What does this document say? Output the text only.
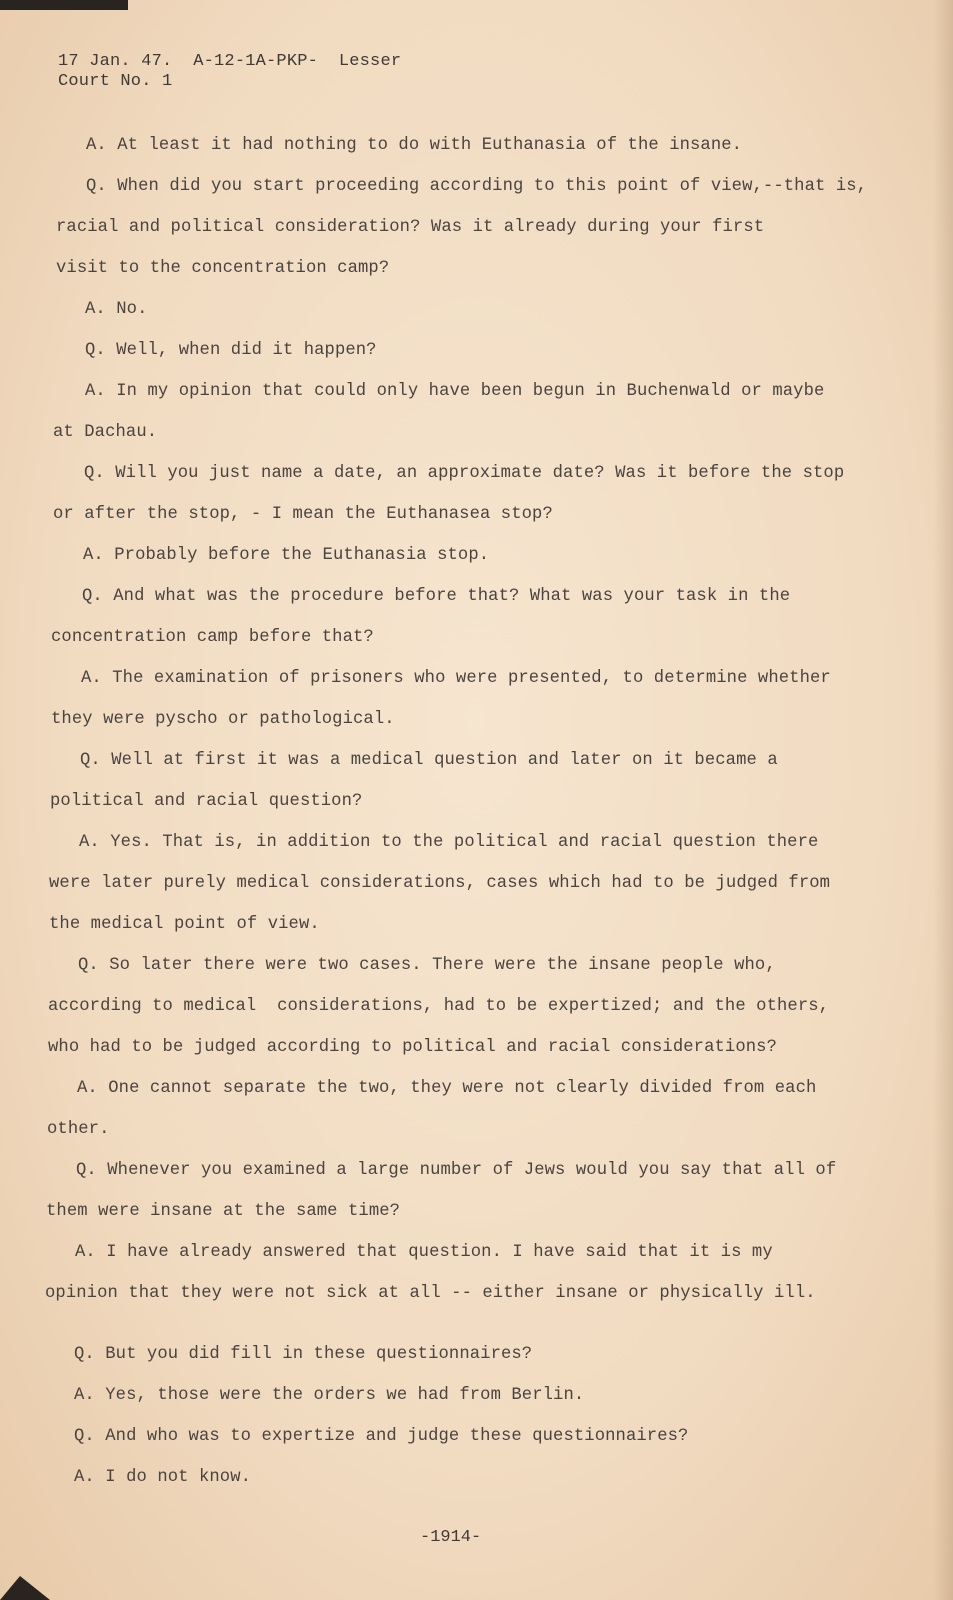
17 Jan. 47.  A-12-1A-PKP-  Lesser
Court No. 1
A. At least it had nothing to do with Euthanasia of the insane.
Q. When did you start proceeding according to this point of view,--that is,
racial and political consideration? Was it already during your first
visit to the concentration camp?
A. No.
Q. Well, when did it happen?
A. In my opinion that could only have been begun in Buchenwald or maybe
at Dachau.
Q. Will you just name a date, an approximate date? Was it before the stop
or after the stop, - I mean the Euthanasea stop?
A. Probably before the Euthanasia stop.
Q. And what was the procedure before that? What was your task in the
concentration camp before that?
A. The examination of prisoners who were presented, to determine whether
they were pyscho or pathological.
Q. Well at first it was a medical question and later on it became a
political and racial question?
A. Yes. That is, in addition to the political and racial question there
were later purely medical considerations, cases which had to be judged from
the medical point of view.
Q. So later there were two cases. There were the insane people who,
according to medical  considerations, had to be expertized; and the others,
who had to be judged according to political and racial considerations?
A. One cannot separate the two, they were not clearly divided from each
other.
Q. Whenever you examined a large number of Jews would you say that all of
them were insane at the same time?
A. I have already answered that question. I have said that it is my
opinion that they were not sick at all -- either insane or physically ill.
Q. But you did fill in these questionnaires?
A. Yes, those were the orders we had from Berlin.
Q. And who was to expertize and judge these questionnaires?
A. I do not know.
-1914-
